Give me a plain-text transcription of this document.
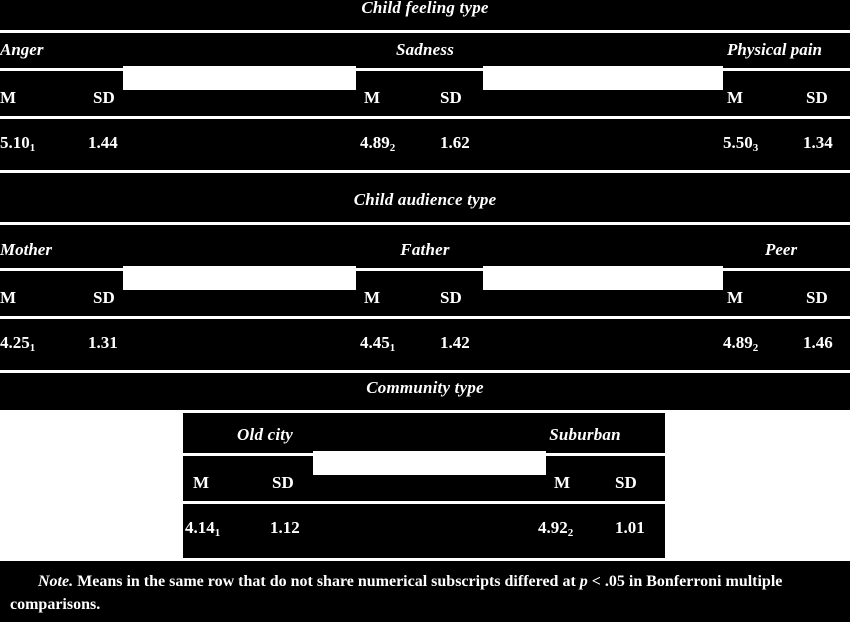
Child feeling type
Anger	Sadness	Physical pain
M	SD	M	SD	M	SD
$5.10_1$	1.44	$4.89_2$	1.62	$5.50_3$	1.34
Child audience type
Mother	Father	Peer
M	SD	M	SD	M	SD
$4.25_1$	1.31	$4.45_1$	1.42	$4.89_2$	1.46
Community type
Old city	Suburban
M	SD	M	SD
$4.14_1$	1.12	$4.92_2$ 1.01
Note. Means in the same row that do not share numerical subscripts differed at p < .05 in Bonferroni multiple comparisons.
